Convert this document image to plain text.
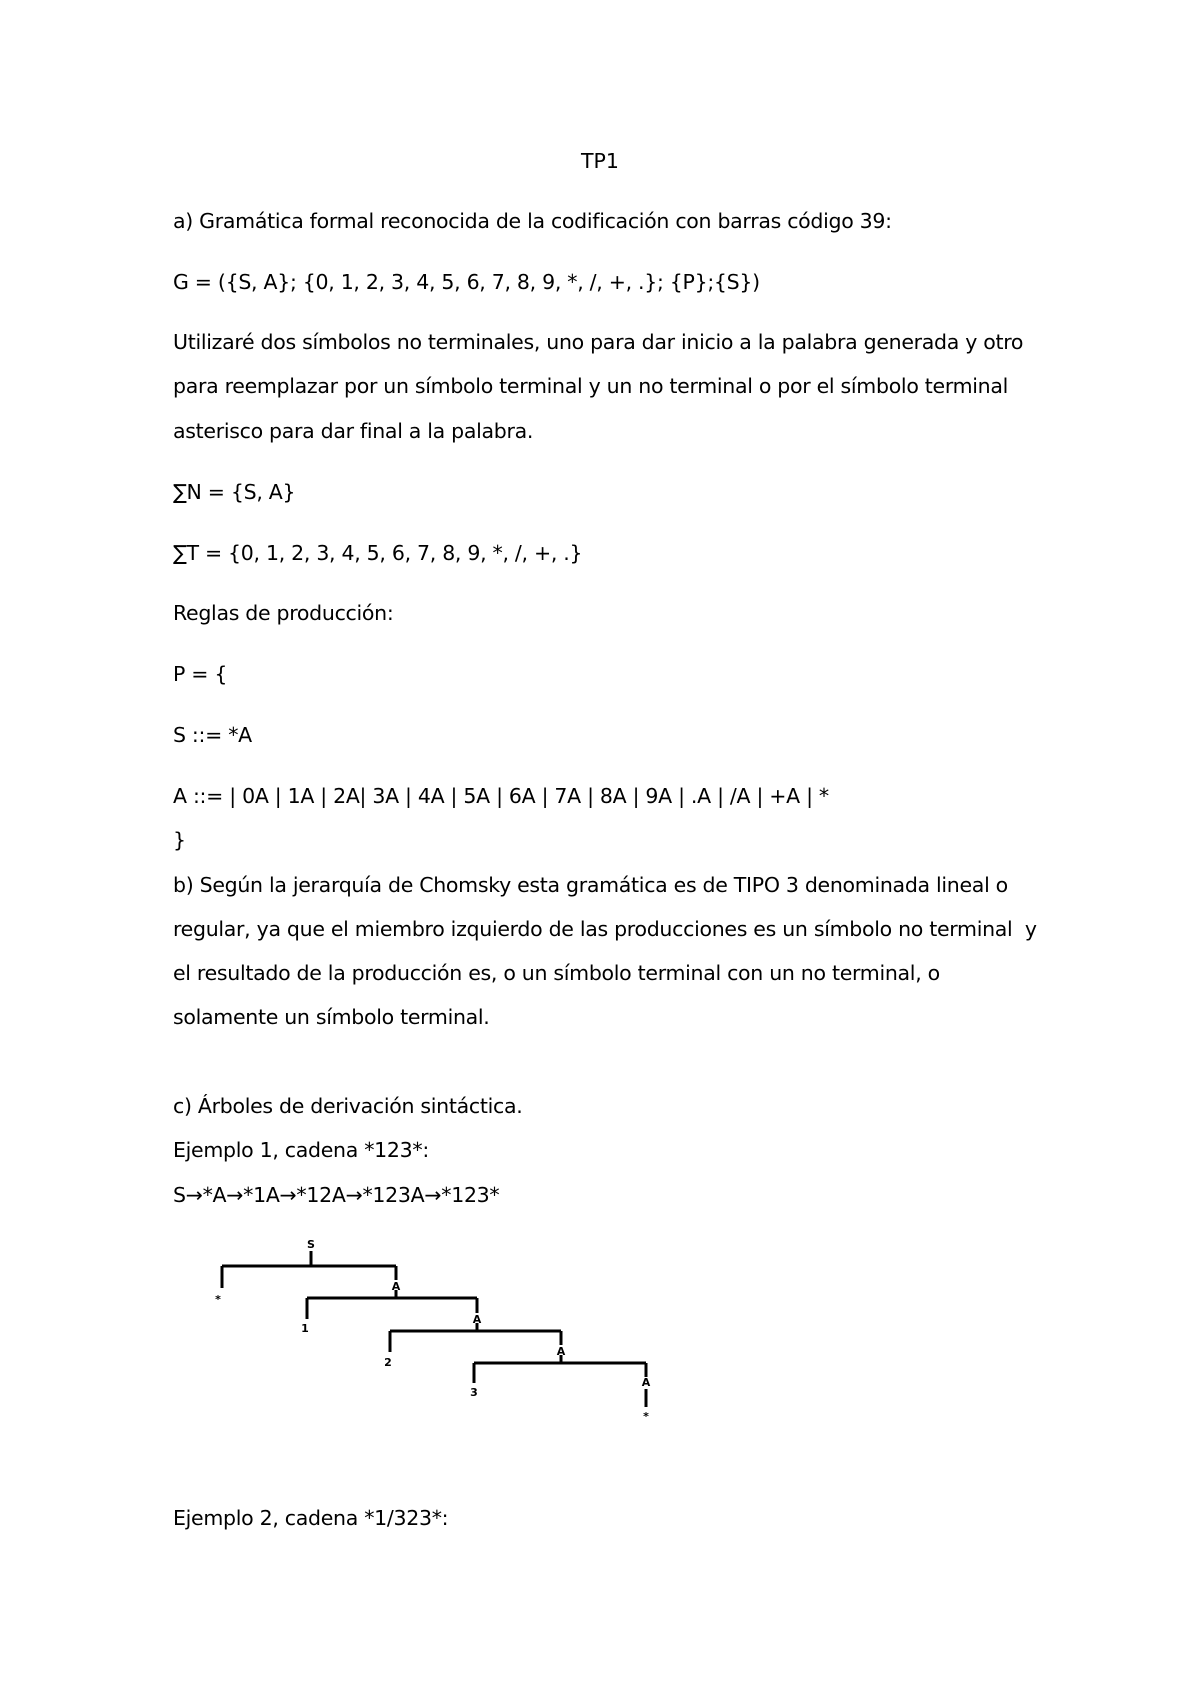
TP1
a) Gramática formal reconocida de la codificación con barras código 39:
G = ({S, A}; {0, 1, 2, 3, 4, 5, 6, 7, 8, 9, *, /, +, .}; {P};{S})
Utilizaré dos símbolos no terminales, uno para dar inicio a la palabra generada y otro
para reemplazar por un símbolo terminal y un no terminal o por el símbolo terminal
asterisco para dar final a la palabra.
∑N = {S, A}
∑T = {0, 1, 2, 3, 4, 5, 6, 7, 8, 9, *, /, +, .}
Reglas de producción:
P = {
S ::= *A
A ::= | 0A | 1A | 2A| 3A | 4A | 5A | 6A | 7A | 8A | 9A | .A | /A | +A | *
}
b) Según la jerarquía de Chomsky esta gramática es de TIPO 3 denominada lineal o
regular, ya que el miembro izquierdo de las producciones es un símbolo no terminal  y
el resultado de la producción es, o un símbolo terminal con un no terminal, o
solamente un símbolo terminal.
c) Árboles de derivación sintáctica.
Ejemplo 1, cadena *123*:
S→*A→*1A→*12A→*123A→*123*
Ejemplo 2, cadena *1/323*:
S
*
A
1
A
2
A
3
A
*
